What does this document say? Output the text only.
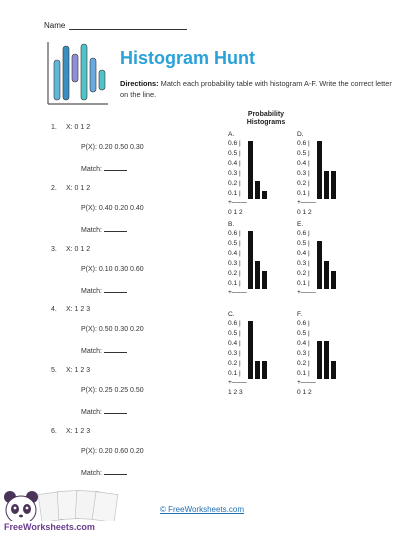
Name
Histogram Hunt
Directions: Match each probability table with histogram A-F. Write the correct letter on the line.
1. X: 0 1 2
P(X): 0.20 0.50 0.30
Match:
2. X: 0 1 2
P(X): 0.40 0.20 0.40
Match:
3. X: 0 1 2
P(X): 0.10 0.30 0.60
Match:
4. X: 1 2 3
P(X): 0.50 0.30 0.20
Match:
5. X: 1 2 3
P(X): 0.25 0.25 0.50
Match:
6. X: 1 2 3
P(X): 0.20 0.60 0.20
Match:
Probability Histograms
A.
0.6 |
0.5 |
0.4 |
0.3 |
0.2 |
0.1 |
+---------
0 1 2
D.
0.6 |
0.5 |
0.4 |
0.3 |
0.2 |
0.1 |
+---------
0 1 2
B.
0.6 |
0.5 |
0.4 |
0.3 |
0.2 |
0.1 |
+---------
E.
0.6 |
0.5 |
0.4 |
0.3 |
0.2 |
0.1 |
+---------
C.
0.6 |
0.5 |
0.4 |
0.3 |
0.2 |
0.1 |
+---------
1 2 3
F.
0.6 |
0.5 |
0.4 |
0.3 |
0.2 |
0.1 |
+---------
0 1 2
FreeWorksheets.com
© FreeWorksheets.com
